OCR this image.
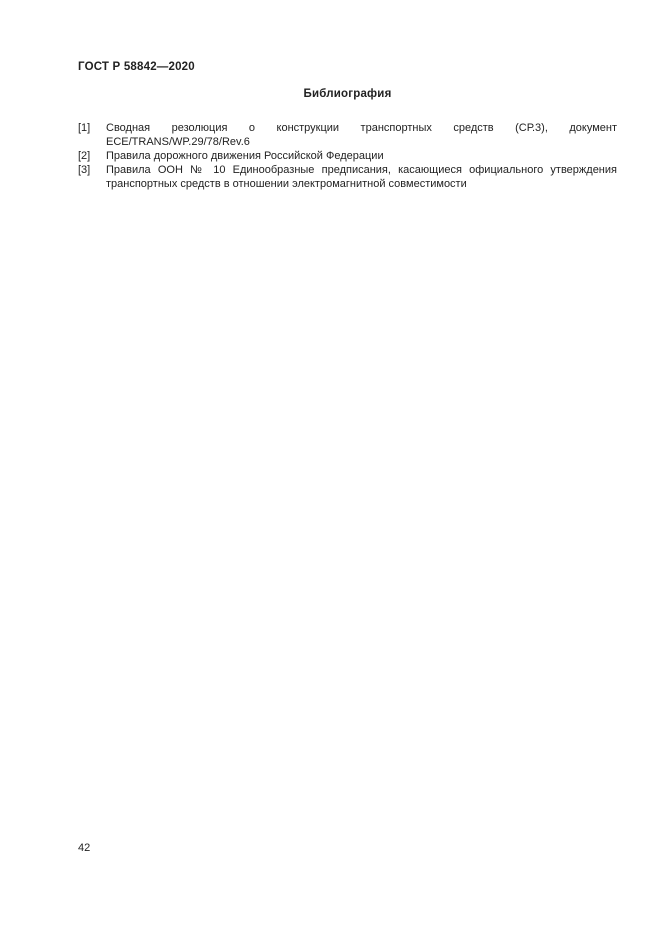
ГОСТ Р 58842—2020
Библиография
[1]	Сводная резолюция о конструкции транспортных средств (СР.3), документ ECE/TRANS/WP.29/78/Rev.6
[2]	Правила дорожного движения Российской Федерации
[3]	Правила ООН № 10 Единообразные предписания, касающиеся официального утверждения транспортных средств в отношении электромагнитной совместимости
42
